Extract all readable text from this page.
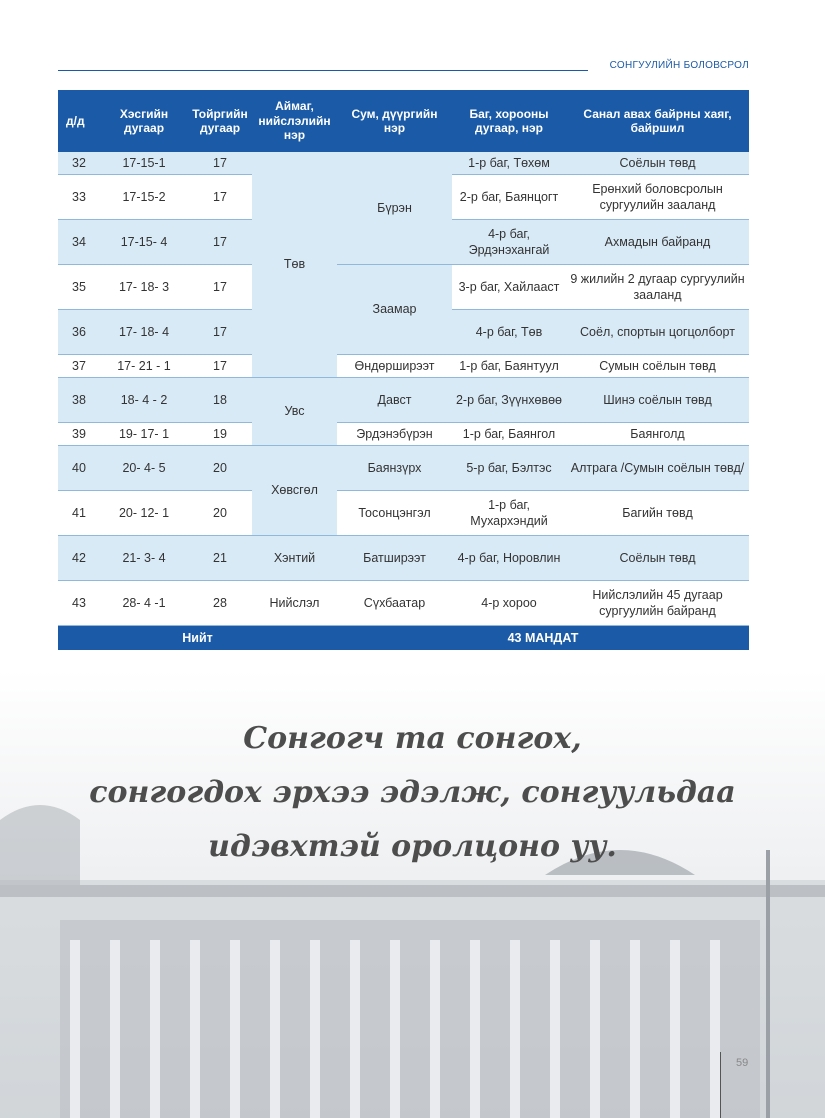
СОНГУУЛИЙН БОЛОВСРОЛ
д/д	Хэсгийн дугаар	Тойргийн дугаар	Аймаг, нийслэлийн нэр	Сум, дүүргийн нэр	Баг, хорооны дугаар, нэр	Санал авах байрны хаяг, байршил
32	17-15-1	17	Төв	Бүрэн	1-р баг, Төхөм	Соёлын төвд
33	17-15-2	17			2-р баг, Баянцогт	Ерөнхий боловсролын сургуулийн зааланд
34	17-15- 4	17			4-р баг, Эрдэнэхангай	Ахмадын байранд
35	17- 18- 3	17		Заамар	3-р баг, Хайлааст	9 жилийн 2 дугаар сургуулийн зааланд
36	17- 18- 4	17			4-р баг, Төв	Соёл, спортын цогцолборт
37	17- 21 - 1	17		Өндөрширээт	1-р баг, Баянтуул	Сумын соёлын төвд
38	18- 4 - 2	18	Увс	Давст	2-р баг, Зүүнхөвөө	Шинэ соёлын төвд
39	19- 17- 1	19		Эрдэнэбүрэн	1-р баг, Баянгол	Баянголд
40	20- 4- 5	20	Хөвсгөл	Баянзүрх	5-р баг, Бэлтэс	Алтрага /Сумын соёлын төвд/
41	20- 12- 1	20		Тосонцэнгэл	1-р баг, Мухархэндий	Багийн төвд
42	21- 3- 4	21	Хэнтий	Батширээт	4-р баг, Норовлин	Соёлын төвд
43	28- 4 -1	28	Нийслэл	Сүхбаатар	4-р хороо	Нийслэлийн 45 дугаар сургуулийн байранд
Нийт				43 МАНДАТ		
Сонгогч та сонгох,
сонгогдох эрхээ эдэлж, сонгуульдаа
идэвхтэй оролцоно уу.
59
